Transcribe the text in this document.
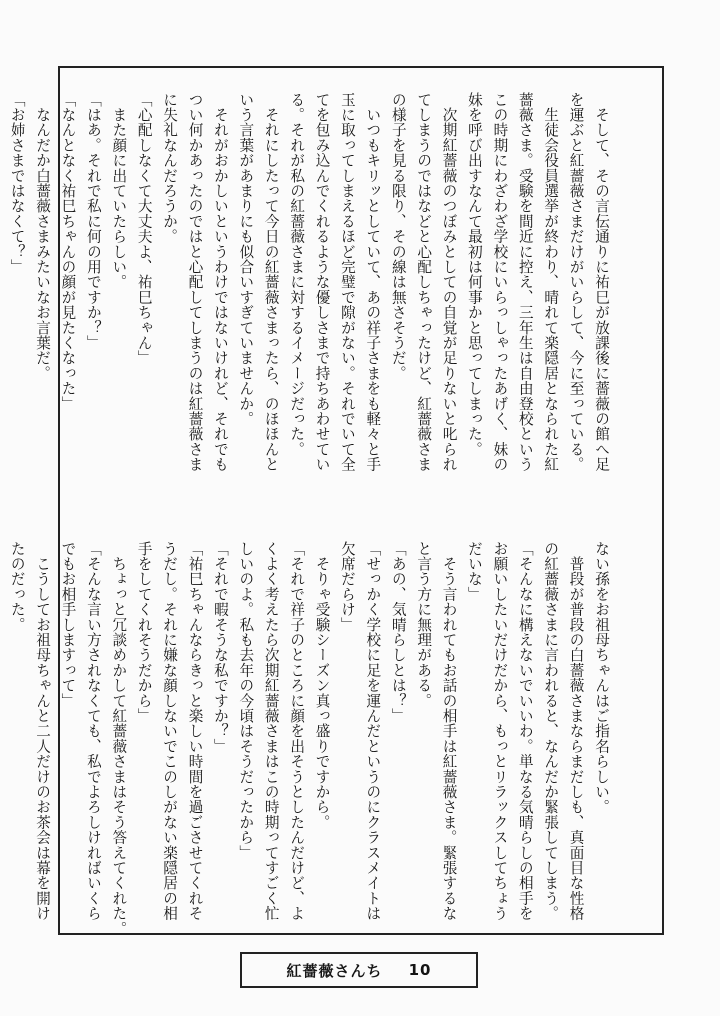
　そして、その言伝通りに祐巳が放課後に薔薇の館へ足
を運ぶと紅薔薇さまだけがいらして、今に至っている。
　生徒会役員選挙が終わり、晴れて楽隠居となられた紅
薔薇さま。受験を間近に控え、三年生は自由登校という
この時期にわざわざ学校にいらっしゃったあげく、妹の
妹を呼び出すなんて最初は何事かと思ってしまった。
　次期紅薔薇のつぼみとしての自覚が足りないと叱られ
てしまうのではなどと心配しちゃったけど、紅薔薇さま
の様子を見る限り、その線は無さそうだ。
　いつもキリッとしていて、あの祥子さまをも軽々と手
玉に取ってしまえるほど完璧で隙がない。それでいて全
てを包み込んでくれるような優しさまで持ちあわせてい
る。それが私の紅薔薇さまに対するイメージだった。
　それにしたって今日の紅薔薇さまったら、のほほんと
いう言葉があまりにも似合いすぎていませんか。
　それがおかしいというわけではないけれど、それでも
つい何かあったのではと心配してしまうのは紅薔薇さま
に失礼なんだろうか。
「心配しなくて大丈夫よ、祐巳ちゃん」
　また顔に出ていたらしい。
「はあ。それで私に何の用ですか？」
「なんとなく祐巳ちゃんの顔が見たくなった」
　なんだか白薔薇さまみたいなお言葉だ。
「お姉さまではなくて？」
ない孫をお祖母ちゃんはご指名らしい。
　普段が普段の白薔薇さまならまだしも、真面目な性格
の紅薔薇さまに言われると、なんだか緊張してしまう。
「そんなに構えないでいいわ。単なる気晴らしの相手を
お願いしたいだけだから、もっとリラックスしてちょう
だいな」
　そう言われてもお話の相手は紅薔薇さま。緊張するな
と言う方に無理がある。
「あの、気晴らしとは？」
「せっかく学校に足を運んだというのにクラスメイトは
欠席だらけ」
　そりゃ受験シーズン真っ盛りですから。
「それで祥子のところに顔を出そうとしたんだけど、よ
くよく考えたら次期紅薔薇さまはこの時期ってすごく忙
しいのよ。私も去年の今頃はそうだったから」
「それで暇そうな私ですか？」
「祐巳ちゃんならきっと楽しい時間を過ごさせてくれそ
うだし。それに嫌な顔しないでこのしがない楽隠居の相
手をしてくれそうだから」
　ちょっと冗談めかして紅薔薇さまはそう答えてくれた。
「そんな言い方されなくても、私でよろしければいくら
でもお相手しますって」
　こうしてお祖母ちゃんと二人だけのお茶会は幕を開け
たのだった。
紅薔薇さんち 10
